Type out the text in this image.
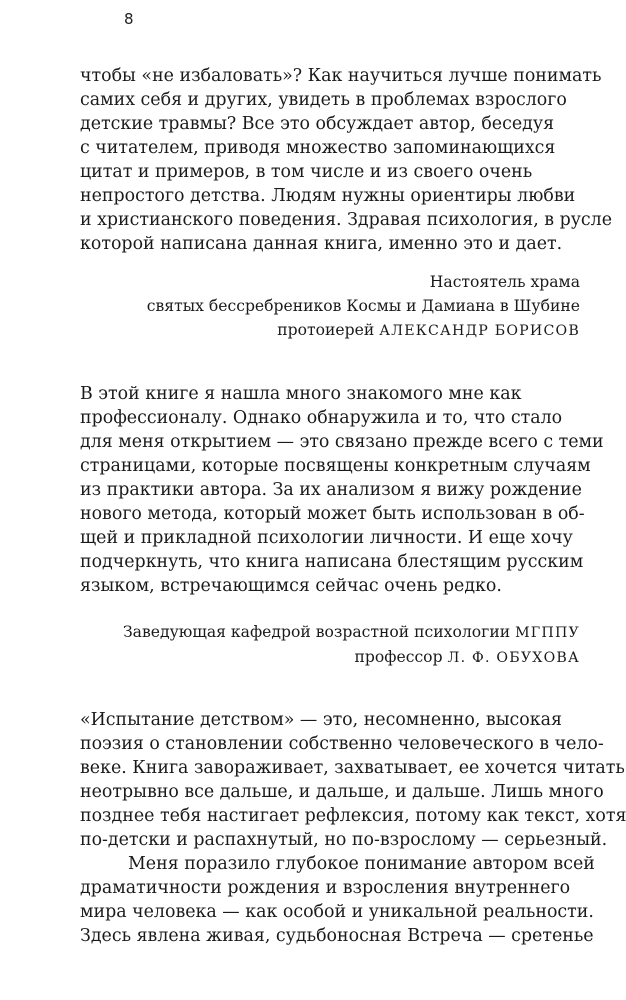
8

чтобы «не избаловать»? Как научиться лучше понимать
самих себя и других, увидеть в проблемах взрослого
детские травмы? Все это обсуждает автор, беседуя
с читателем, приводя множество запоминающихся
цитат и примеров, в том числе и из своего очень
непростого детства. Людям нужны ориентиры любви
и христианского поведения. Здравая психология, в русле
которой написана данная книга, именно это и дает.

Настоятель храма
святых бессребреников Космы и Дамиана в Шубине
протоиерей АЛЕКСАНДР БОРИСОВ

В этой книге я нашла много знакомого мне как
профессионалу. Однако обнаружила и то, что стало
для меня открытием — это связано прежде всего с теми
страницами, которые посвящены конкретным случаям
из практики автора. За их анализом я вижу рождение
нового метода, который может быть использован в об-
щей и прикладной психологии личности. И еще хочу
подчеркнуть, что книга написана блестящим русским
языком, встречающимся сейчас очень редко.

Заведующая кафедрой возрастной психологии МГППУ
профессор Л. Ф. ОБУХОВА

«Испытание детством» — это, несомненно, высокая
поэзия о становлении собственно человеческого в чело-
веке. Книга завораживает, захватывает, ее хочется читать
неотрывно все дальше, и дальше, и дальше. Лишь много
позднее тебя настигает рефлексия, потому как текст, хотя
по-детски и распахнутый, но по-взрослому — серьезный.

Меня поразило глубокое понимание автором всей
драматичности рождения и взросления внутреннего
мира человека — как особой и уникальной реальности.
Здесь явлена живая, судьбоносная Встреча — сретенье
